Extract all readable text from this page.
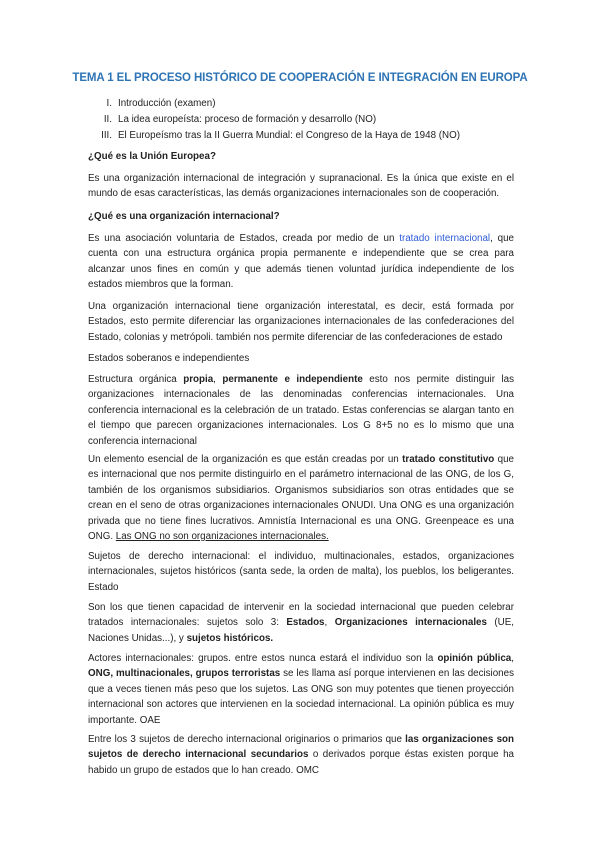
TEMA 1 EL PROCESO HISTÓRICO DE COOPERACIÓN E INTEGRACIÓN EN EUROPA
I. Introducción (examen)
II. La idea europeísta: proceso de formación y desarrollo (NO)
III. El Europeísmo tras la II Guerra Mundial: el Congreso de la Haya de 1948 (NO)
¿Qué es la Unión Europea?
Es una organización internacional de integración y supranacional. Es la única que existe en el mundo de esas características, las demás organizaciones internacionales son de cooperación.
¿Qué es una organización internacional?
Es una asociación voluntaria de Estados, creada por medio de un tratado internacional, que cuenta con una estructura orgánica propia permanente e independiente que se crea para alcanzar unos fines en común y que además tienen voluntad jurídica independiente de los estados miembros que la forman.
Una organización internacional tiene organización interestatal, es decir, está formada por Estados, esto permite diferenciar las organizaciones internacionales de las confederaciones del Estado, colonias y metrópoli. también nos permite diferenciar de las confederaciones de estado
Estados soberanos e independientes
Estructura orgánica propia, permanente e independiente esto nos permite distinguir las organizaciones internacionales de las denominadas conferencias internacionales. Una conferencia internacional es la celebración de un tratado. Estas conferencias se alargan tanto en el tiempo que parecen organizaciones internacionales. Los G 8+5 no es lo mismo que una conferencia internacional
Un elemento esencial de la organización es que están creadas por un tratado constitutivo que es internacional que nos permite distinguirlo en el parámetro internacional de las ONG, de los G, también de los organismos subsidiarios. Organismos subsidiarios son otras entidades que se crean en el seno de otras organizaciones internacionales ONUDI. Una ONG es una organización privada que no tiene fines lucrativos. Amnistía Internacional es una ONG. Greenpeace es una ONG. Las ONG no son organizaciones internacionales.
Sujetos de derecho internacional: el individuo, multinacionales, estados, organizaciones internacionales, sujetos históricos (santa sede, la orden de malta), los pueblos, los beligerantes. Estado
Son los que tienen capacidad de intervenir en la sociedad internacional que pueden celebrar tratados internacionales: sujetos solo 3: Estados, Organizaciones internacionales (UE, Naciones Unidas...), y sujetos históricos.
Actores internacionales: grupos. entre estos nunca estará el individuo son la opinión pública, ONG, multinacionales, grupos terroristas se les llama así porque intervienen en las decisiones que a veces tienen más peso que los sujetos. Las ONG son muy potentes que tienen proyección internacional son actores que intervienen en la sociedad internacional. La opinión pública es muy importante. OAE
Entre los 3 sujetos de derecho internacional originarios o primarios que las organizaciones son sujetos de derecho internacional secundarios o derivados porque éstas existen porque ha habido un grupo de estados que lo han creado. OMC
